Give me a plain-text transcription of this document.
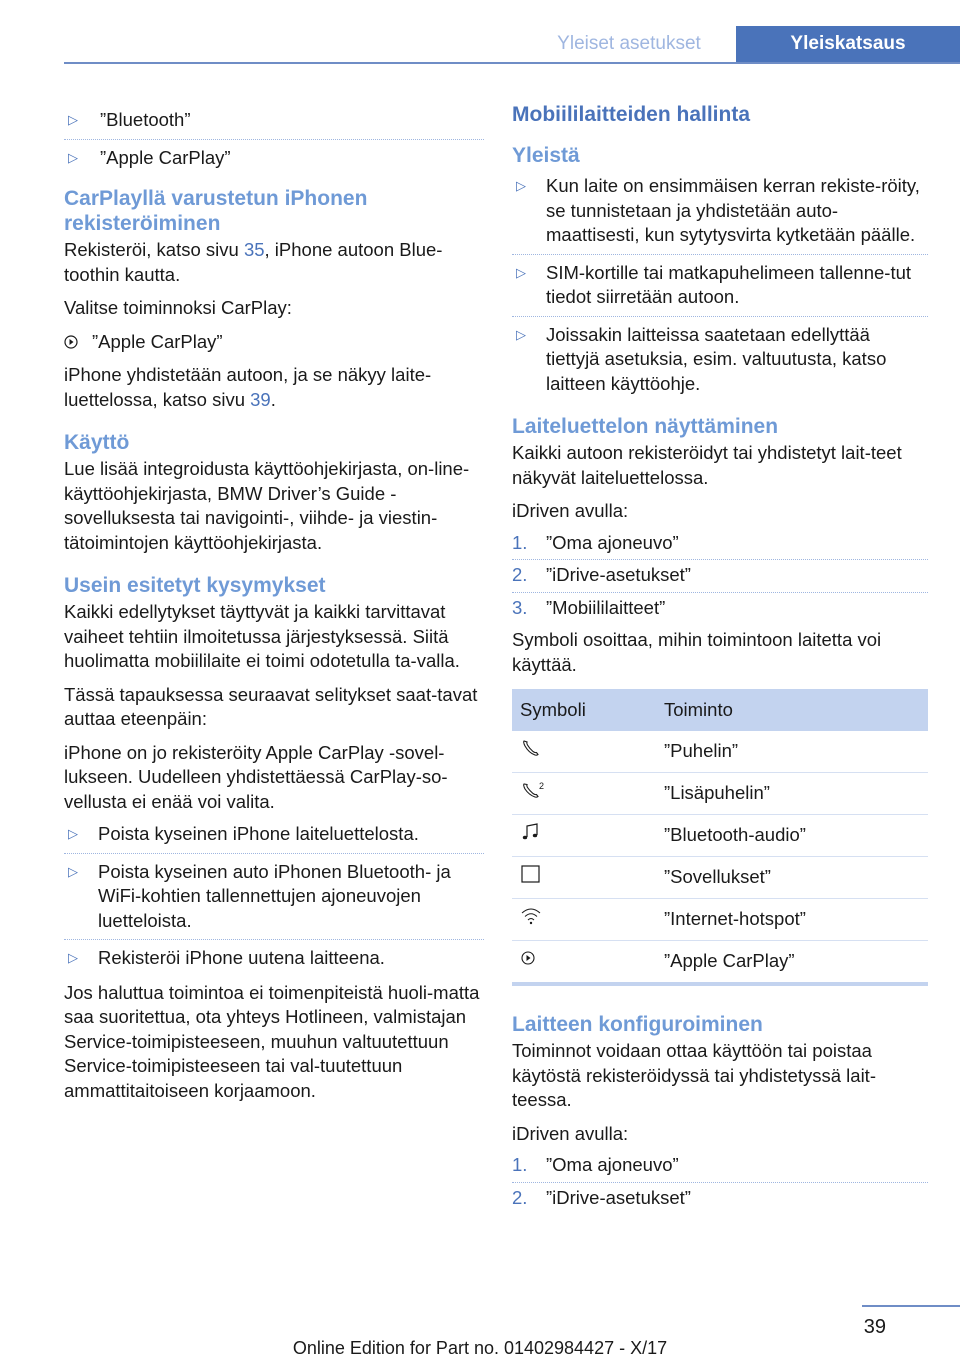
Yleiset asetukset	Yleiskatsaus
▷	”Bluetooth”
▷	”Apple CarPlay”
CarPlayllä varustetun iPhonen rekisteröiminen

Rekisteröi, katso sivu 35, iPhone autoon Blue-toothin kautta.

Valitse toiminnoksi CarPlay:

”Apple CarPlay”

iPhone yhdistetään autoon, ja se näkyy laite-luettelossa, katso sivu 39.

Käyttö

Lue lisää integroidusta käyttöohjekirjasta, on-line-käyttöohjekirjasta, BMW Driver’s Guide -sovelluksesta tai navigointi-, viihde- ja viestin-tätoimintojen käyttöohjekirjasta.

Usein esitetyt kysymykset

Kaikki edellytykset täyttyvät ja kaikki tarvittavat vaiheet tehtiin ilmoitetussa järjestyksessä. Siitä huolimatta mobiililaite ei toimi odotetulla ta-valla.

Tässä tapauksessa seuraavat selitykset saat-tavat auttaa eteenpäin:

iPhone on jo rekisteröity Apple CarPlay -sovel-lukseen. Uudelleen yhdistettäessä CarPlay-so-vellusta ei enää voi valita.

▷	Poista kyseinen iPhone laiteluettelosta.
▷	Poista kyseinen auto iPhonen Bluetooth- ja WiFi-kohtien tallennettujen ajoneuvojen luetteloista.
▷	Rekisteröi iPhone uutena laitteena.

Jos haluttua toimintoa ei toimenpiteistä huoli-matta saa suoritettua, ota yhteys Hotlineen, valmistajan Service-toimipisteeseen, muuhun valtuutettuun Service-toimipisteeseen tai val-tuutettuun ammattitaitoiseen korjaamoon.

Mobiililaitteiden hallinta
Yleistä
▷	Kun laite on ensimmäisen kerran rekiste-röity, se tunnistetaan ja yhdistetään auto-maattisesti, kun sytytysvirta kytketään päälle.
▷	SIM-kortille tai matkapuhelimeen tallenne-tut tiedot siirretään autoon.
▷	Joissakin laitteissa saatetaan edellyttää tiettyjä asetuksia, esim. valtuutusta, katso laitteen käyttöohje.
Laiteluettelon näyttäminen

Kaikki autoon rekisteröidyt tai yhdistetyt lait-teet näkyvät laiteluettelossa.

iDriven avulla:

1.	”Oma ajoneuvo”
2.	”iDrive-asetukset”
3.	”Mobiililaitteet”

Symboli osoittaa, mihin toimintoon laitetta voi käyttää.

Symboli	Toiminto
	”Puhelin”

2	”Lisäpuhelin”
	”Bluetooth-audio”
	”Sovellukset”
	”Internet-hotspot”
	”Apple CarPlay”
Laitteen konfiguroiminen

Toiminnot voidaan ottaa käyttöön tai poistaa käytöstä rekisteröidyssä tai yhdistetyssä lait-teessa.

iDriven avulla:

1.	”Oma ajoneuvo”
2.	”iDrive-asetukset”
39
Online Edition for Part no. 01402984427 - X/17
